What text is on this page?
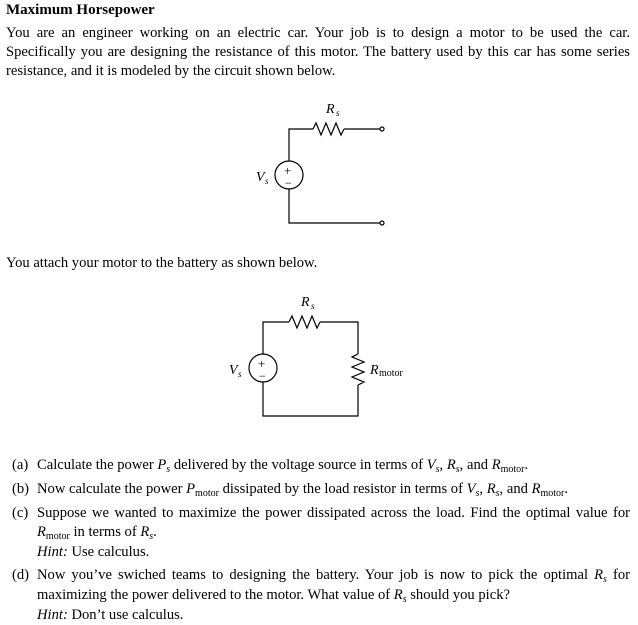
Maximum Horsepower
You are an engineer working on an electric car. Your job is to design a motor to be used the car. Specifically you are designing the resistance of this motor. The battery used by this car has some series resistance, and it is modeled by the circuit shown below.
R s
V s
+
−
You attach your motor to the battery as shown below.
R s
V s
+
−	R motor
(a) Calculate the power $P_s$ delivered by the voltage source in terms of $V_s$, $R_s$, and $R_{motor}$.
(b) Now calculate the power $P_{motor}$ dissipated by the load resistor in terms of $V_s$, $R_s$, and $R_{motor}$.
(c) Suppose we wanted to maximize the power dissipated across the load. Find the optimal value for $R_{motor}$ in terms of $R_s$.
Hint: Use calculus.
(d) Now you’ve swiched teams to designing the battery. Your job is now to pick the optimal $R_s$ for maximizing the power delivered to the motor. What value of $R_s$ should you pick?
Hint: Don’t use calculus.
